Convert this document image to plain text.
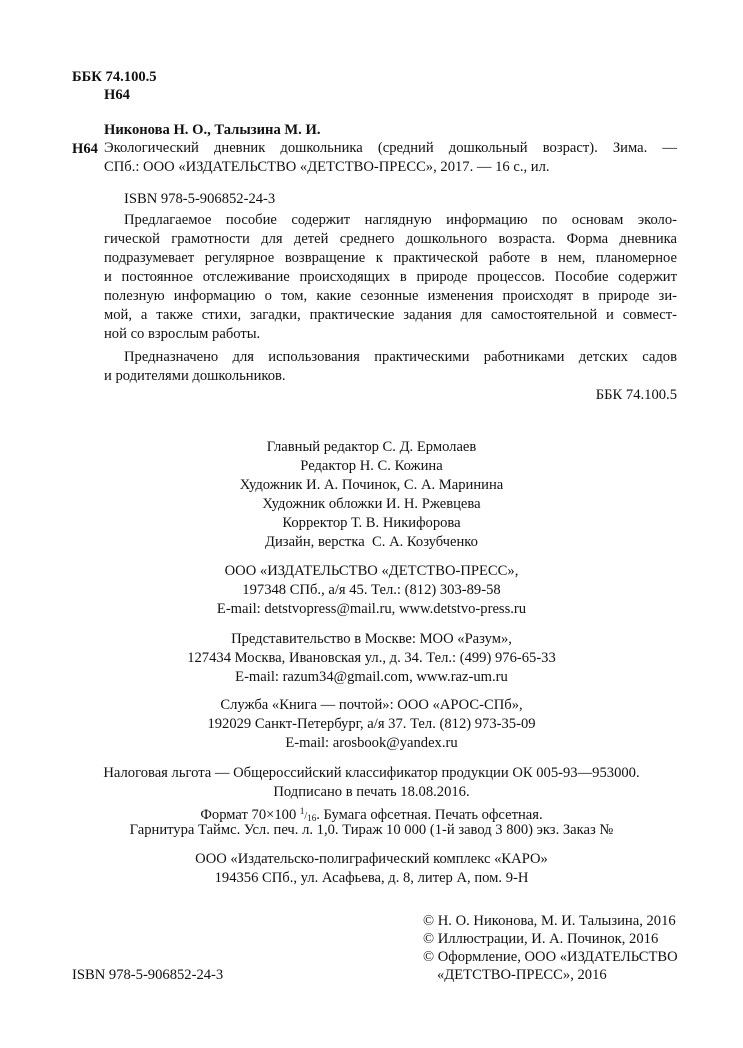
ББК 74.100.5
Н64
Никонова Н. О., Талызина М. И.
Н64 Экологический дневник дошкольника (средний дошкольный возраст). Зима. —
СПб.: ООО «ИЗДАТЕЛЬСТВО «ДЕТСТВО-ПРЕСС», 2017. — 16 с., ил.
ISBN 978-5-906852-24-3
Предлагаемое пособие содержит наглядную информацию по основам эколо-
гической грамотности для детей среднего дошкольного возраста. Форма дневника
подразумевает регулярное возвращение к практической работе в нем, планомерное
и постоянное отслеживание происходящих в природе процессов. Пособие содержит
полезную информацию о том, какие сезонные изменения происходят в природе зи-
мой, а также стихи, загадки, практические задания для самостоятельной и совмест-
ной со взрослым работы.
Предназначено для использования практическими работниками детских садов
и родителями дошкольников.
ББК 74.100.5
Главный редактор С. Д. Ермолаев
Редактор Н. С. Кожина
Художник И. А. Починок, С. А. Маринина
Художник обложки И. Н. Ржевцева
Корректор Т. В. Никифорова
Дизайн, верстка  С. А. Козубченко
ООО «ИЗДАТЕЛЬСТВО «ДЕТСТВО-ПРЕСС»,
197348 СПб., а/я 45. Тел.: (812) 303-89-58
E-mail: detstvopress@mail.ru, www.detstvo-press.ru
Представительство в Москве: МОО «Разум»,
127434 Москва, Ивановская ул., д. 34. Тел.: (499) 976-65-33
E-mail: razum34@gmail.com, www.raz-um.ru
Служба «Книга — почтой»: ООО «АРОС-СПб»,
192029 Санкт-Петербург, а/я 37. Тел. (812) 973-35-09
E-mail: arosbook@yandex.ru
Налоговая льгота — Общероссийский классификатор продукции ОК 005-93—953000.
Подписано в печать 18.08.2016.
Формат 70×100 1/16. Бумага офсетная. Печать офсетная.
Гарнитура Таймс. Усл. печ. л. 1,0. Тираж 10 000 (1-й завод 3 800) экз. Заказ №
ООО «Издательско-полиграфический комплекс «КАРО»
194356 СПб., ул. Асафьева, д. 8, литер А, пом. 9-Н
© Н. О. Никонова, М. И. Талызина, 2016
© Иллюстрации, И. А. Починок, 2016
© Оформление, ООО «ИЗДАТЕЛЬСТВО
«ДЕТСТВО-ПРЕСС», 2016
ISBN 978-5-906852-24-3
